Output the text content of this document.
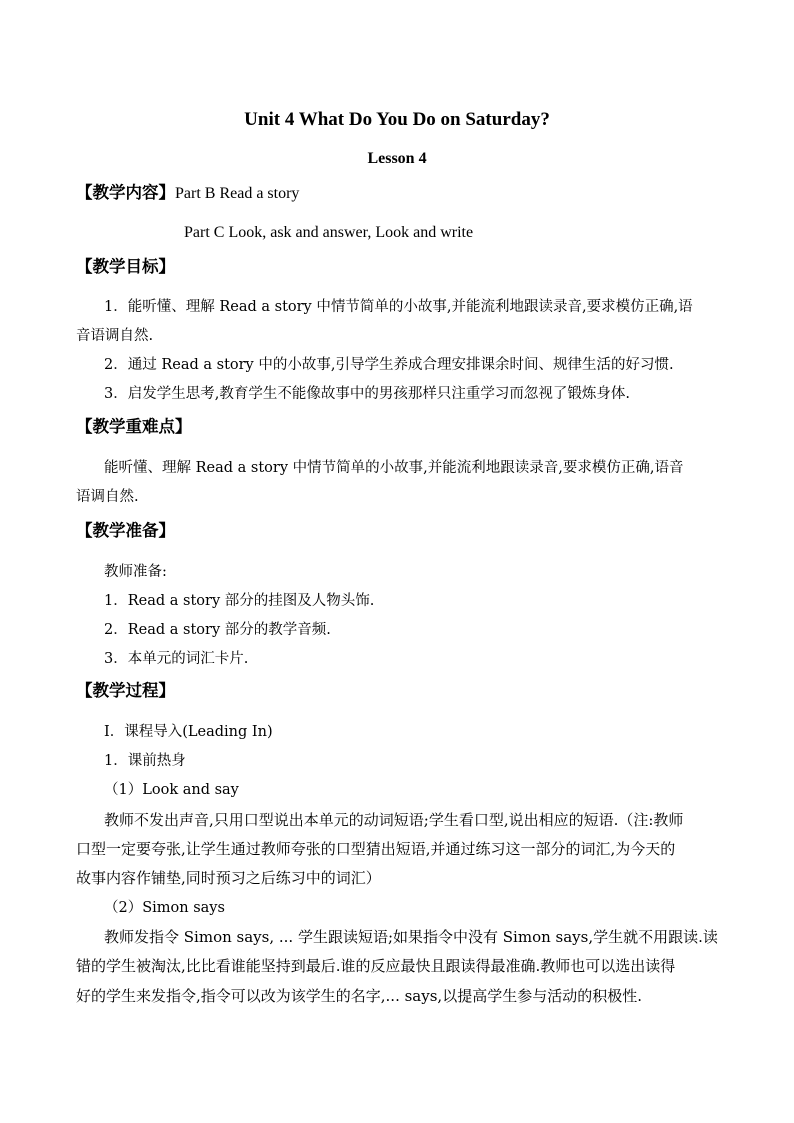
Unit 4 What Do You Do on Saturday?
Lesson 4
【教学内容】Part B Read a story
Part C Look, ask and answer, Look and write
【教学目标】
1．能听懂、理解 Read a story 中情节简单的小故事,并能流利地跟读录音,要求模仿正确,语
音语调自然.
2．通过 Read a story 中的小故事,引导学生养成合理安排课余时间、规律生活的好习惯.
3．启发学生思考,教育学生不能像故事中的男孩那样只注重学习而忽视了锻炼身体.
【教学重难点】
能听懂、理解 Read a story 中情节简单的小故事,并能流利地跟读录音,要求模仿正确,语音
语调自然.
【教学准备】
教师准备:
1．Read a story 部分的挂图及人物头饰.
2．Read a story 部分的教学音频.
3．本单元的词汇卡片.
【教学过程】
Ⅰ．课程导入(Leading In)
1．课前热身
（1）Look and say
教师不发出声音,只用口型说出本单元的动词短语;学生看口型,说出相应的短语.（注:教师
口型一定要夸张,让学生通过教师夸张的口型猜出短语,并通过练习这一部分的词汇,为今天的
故事内容作铺垫,同时预习之后练习中的词汇）
（2）Simon says
教师发指令 Simon says, ... 学生跟读短语;如果指令中没有 Simon says,学生就不用跟读.读
错的学生被淘汰,比比看谁能坚持到最后.谁的反应最快且跟读得最准确.教师也可以选出读得
好的学生来发指令,指令可以改为该学生的名字,... says,以提高学生参与活动的积极性.
